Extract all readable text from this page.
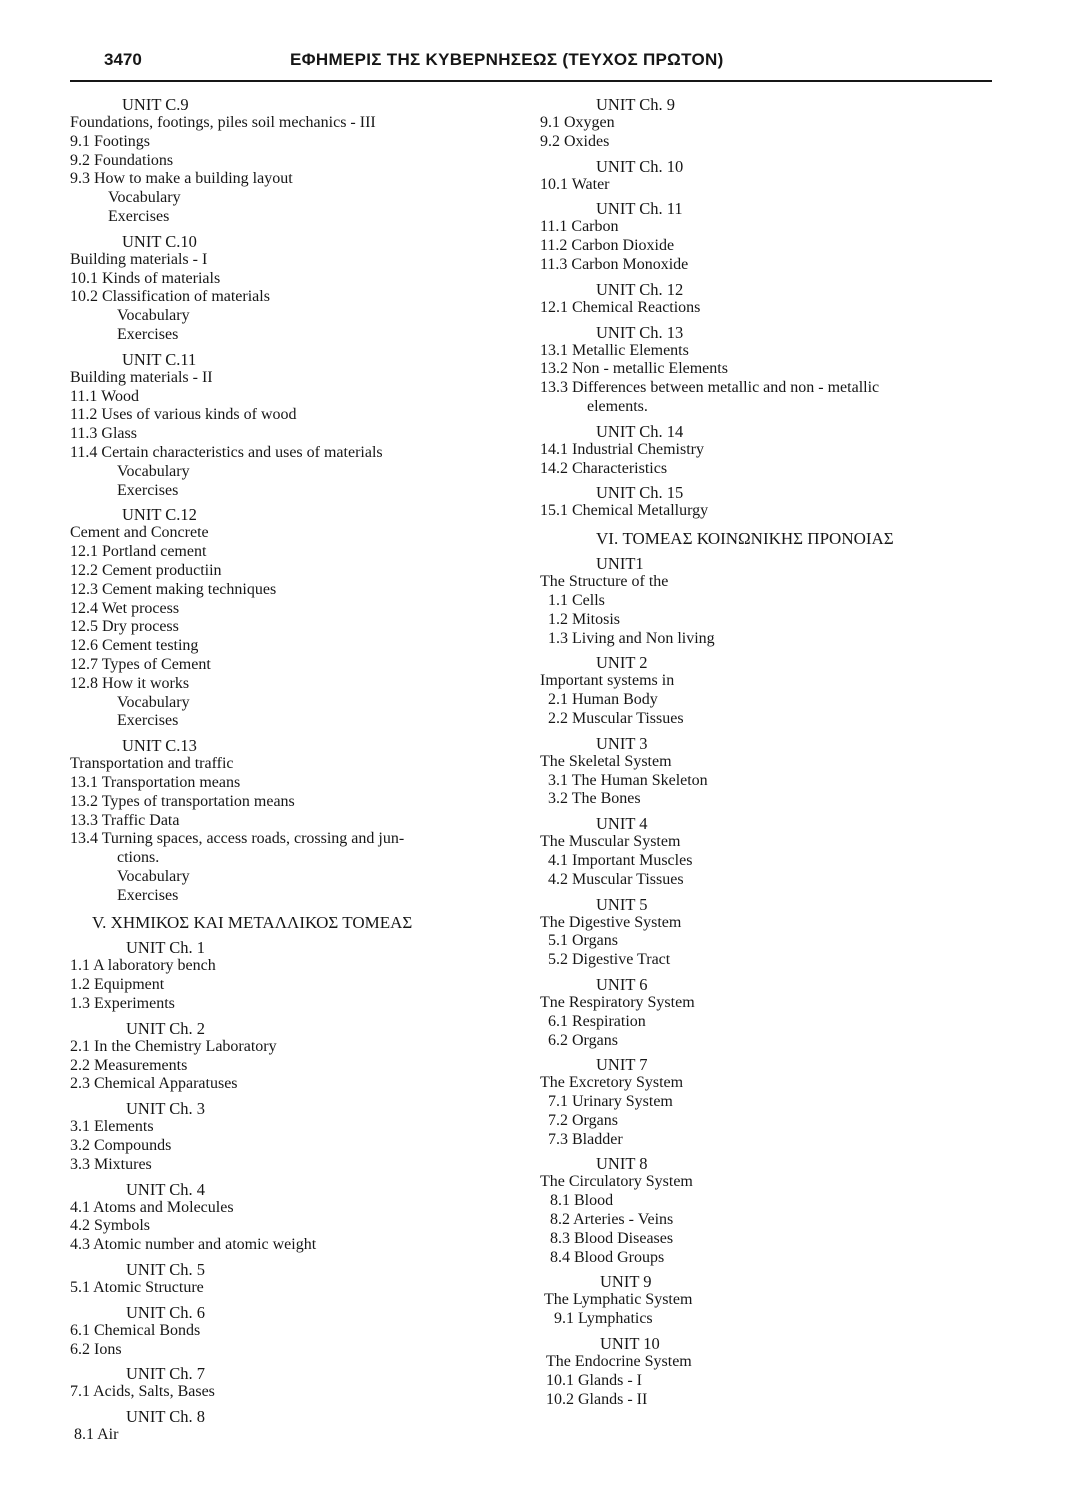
3470	ΕΦΗΜΕΡΙΣ ΤΗΣ ΚΥΒΕΡΝΗΣΕΩΣ (ΤΕΥΧΟΣ ΠΡΩΤΟΝ)
UNIT C.9
Foundations, footings, piles soil mechanics - III
9.1 Footings
9.2 Foundations
9.3 How to make a building layout
Vocabulary
Exercises
UNIT C.10
Building materials - I
10.1 Kinds of materials
10.2 Classification of materials
Vocabulary
Exercises
UNIT C.11
Building materials - II
11.1 Wood
11.2 Uses of various kinds of wood
11.3 Glass
11.4 Certain characteristics and uses of materials
Vocabulary
Exercises
UNIT C.12
Cement and Concrete
12.1 Portland cement
12.2 Cement productiin
12.3 Cement making techniques
12.4 Wet process
12.5 Dry process
12.6 Cement testing
12.7 Types of Cement
12.8 How it works
Vocabulary
Exercises
UNIT C.13
Transportation and traffic
13.1 Transportation means
13.2 Types of transportation means
13.3 Traffic Data
13.4 Turning spaces, access roads, crossing and jun-
ctions.
Vocabulary
Exercises
V. ΧΗΜΙΚΟΣ ΚΑΙ ΜΕΤΑΛΛΙΚΟΣ ΤΟΜΕΑΣ
UNIT Ch. 1
1.1 A laboratory bench
1.2 Equipment
1.3 Experiments
UNIT Ch. 2
2.1 In the Chemistry Laboratory
2.2 Measurements
2.3 Chemical Apparatuses
UNIT Ch. 3
3.1 Elements
3.2 Compounds
3.3 Mixtures
UNIT Ch. 4
4.1 Atoms and Molecules
4.2 Symbols
4.3 Atomic number and atomic weight
UNIT Ch. 5
5.1 Atomic Structure
UNIT Ch. 6
6.1 Chemical Bonds
6.2 Ions
UNIT Ch. 7
7.1 Acids, Salts, Bases
UNIT Ch. 8
8.1 Air
UNIT Ch. 9
9.1 Oxygen
9.2 Oxides
UNIT Ch. 10
10.1 Water
UNIT Ch. 11
11.1 Carbon
11.2 Carbon Dioxide
11.3 Carbon Monoxide
UNIT Ch. 12
12.1 Chemical Reactions
UNIT Ch. 13
13.1 Metallic Elements
13.2 Non - metallic Elements
13.3 Differences between metallic and non - metallic
elements.
UNIT Ch. 14
14.1 Industrial Chemistry
14.2 Characteristics
UNIT Ch. 15
15.1 Chemical Metallurgy
VI. ΤΟΜΕΑΣ ΚΟΙΝΩΝΙΚΗΣ ΠΡΟΝΟΙΑΣ
UNIT1
The Structure of the
1.1 Cells
1.2 Mitosis
1.3 Living and Non living
UNIT 2
Important systems in
2.1 Human Body
2.2 Muscular Tissues
UNIT 3
The Skeletal System
3.1 The Human Skeleton
3.2 The Bones
UNIT 4
The Muscular System
4.1 Important Muscles
4.2 Muscular Tissues
UNIT 5
The Digestive System
5.1 Organs
5.2 Digestive Tract
UNIT 6
Tne Respiratory System
6.1 Respiration
6.2 Organs
UNIT 7
The Excretory System
7.1 Urinary System
7.2 Organs
7.3 Bladder
UNIT 8
The Circulatory System
8.1 Blood
8.2 Arteries - Veins
8.3 Blood Diseases
8.4 Blood Groups
UNIT 9
The Lymphatic System
9.1 Lymphatics
UNIT 10
The Endocrine System
10.1 Glands - I
10.2 Glands - II
